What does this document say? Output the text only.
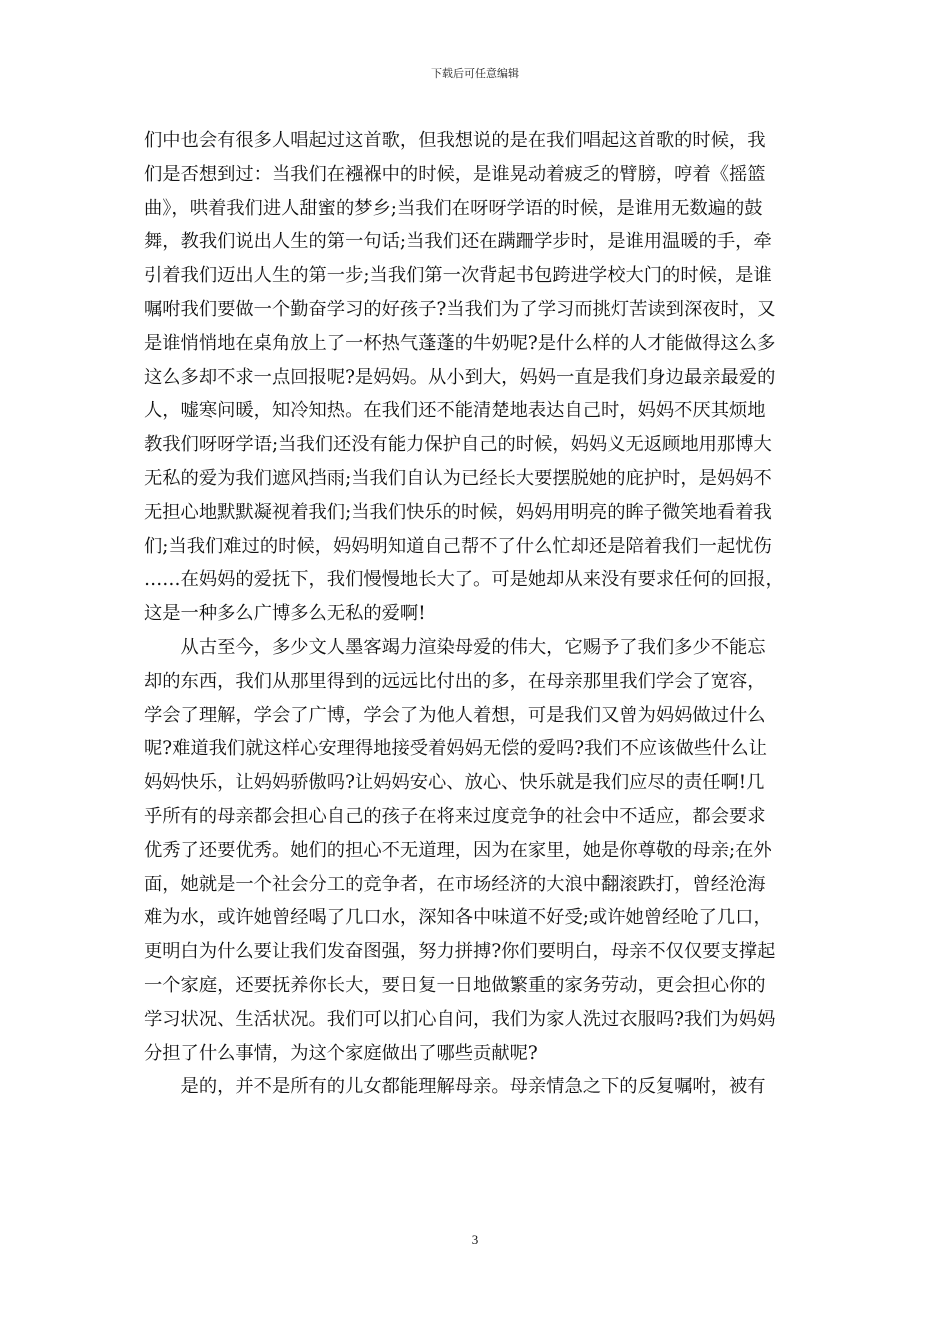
下载后可任意编辑
们中也会有很多人唱起过这首歌，但我想说的是在我们唱起这首歌的时候，我
们是否想到过：当我们在襁褓中的时候，是谁晃动着疲乏的臂膀，哼着《摇篮
曲》，哄着我们进人甜蜜的梦乡;当我们在呀呀学语的时候，是谁用无数遍的鼓
舞，教我们说出人生的第一句话;当我们还在蹒跚学步时，是谁用温暖的手，牵
引着我们迈出人生的第一步;当我们第一次背起书包跨进学校大门的时候，是谁
嘱咐我们要做一个勤奋学习的好孩子?当我们为了学习而挑灯苦读到深夜时，又
是谁悄悄地在桌角放上了一杯热气蓬蓬的牛奶呢?是什么样的人才能做得这么多
这么多却不求一点回报呢?是妈妈。从小到大，妈妈一直是我们身边最亲最爱的
人，嘘寒问暖，知冷知热。在我们还不能清楚地表达自己时，妈妈不厌其烦地
教我们呀呀学语;当我们还没有能力保护自己的时候，妈妈义无返顾地用那博大
无私的爱为我们遮风挡雨;当我们自认为已经长大要摆脱她的庇护时，是妈妈不
无担心地默默凝视着我们;当我们快乐的时候，妈妈用明亮的眸子微笑地看着我
们;当我们难过的时候，妈妈明知道自己帮不了什么忙却还是陪着我们一起忧伤
……在妈妈的爱抚下，我们慢慢地长大了。可是她却从来没有要求任何的回报，
这是一种多么广博多么无私的爱啊!
　　从古至今，多少文人墨客竭力渲染母爱的伟大，它赐予了我们多少不能忘
却的东西，我们从那里得到的远远比付出的多，在母亲那里我们学会了宽容，
学会了理解，学会了广博，学会了为他人着想，可是我们又曾为妈妈做过什么
呢?难道我们就这样心安理得地接受着妈妈无偿的爱吗?我们不应该做些什么让
妈妈快乐，让妈妈骄傲吗?让妈妈安心、放心、快乐就是我们应尽的责任啊!几
乎所有的母亲都会担心自己的孩子在将来过度竞争的社会中不适应，都会要求
优秀了还要优秀。她们的担心不无道理，因为在家里，她是你尊敬的母亲;在外
面，她就是一个社会分工的竞争者，在市场经济的大浪中翻滚跌打，曾经沧海
难为水，或许她曾经喝了几口水，深知各中味道不好受;或许她曾经呛了几口，
更明白为什么要让我们发奋图强，努力拼搏?你们要明白，母亲不仅仅要支撑起
一个家庭，还要抚养你长大，要日复一日地做繁重的家务劳动，更会担心你的
学习状况、生活状况。我们可以扪心自问，我们为家人洗过衣服吗?我们为妈妈
分担了什么事情，为这个家庭做出了哪些贡献呢?
　　是的，并不是所有的儿女都能理解母亲。母亲情急之下的反复嘱咐，被有
3
